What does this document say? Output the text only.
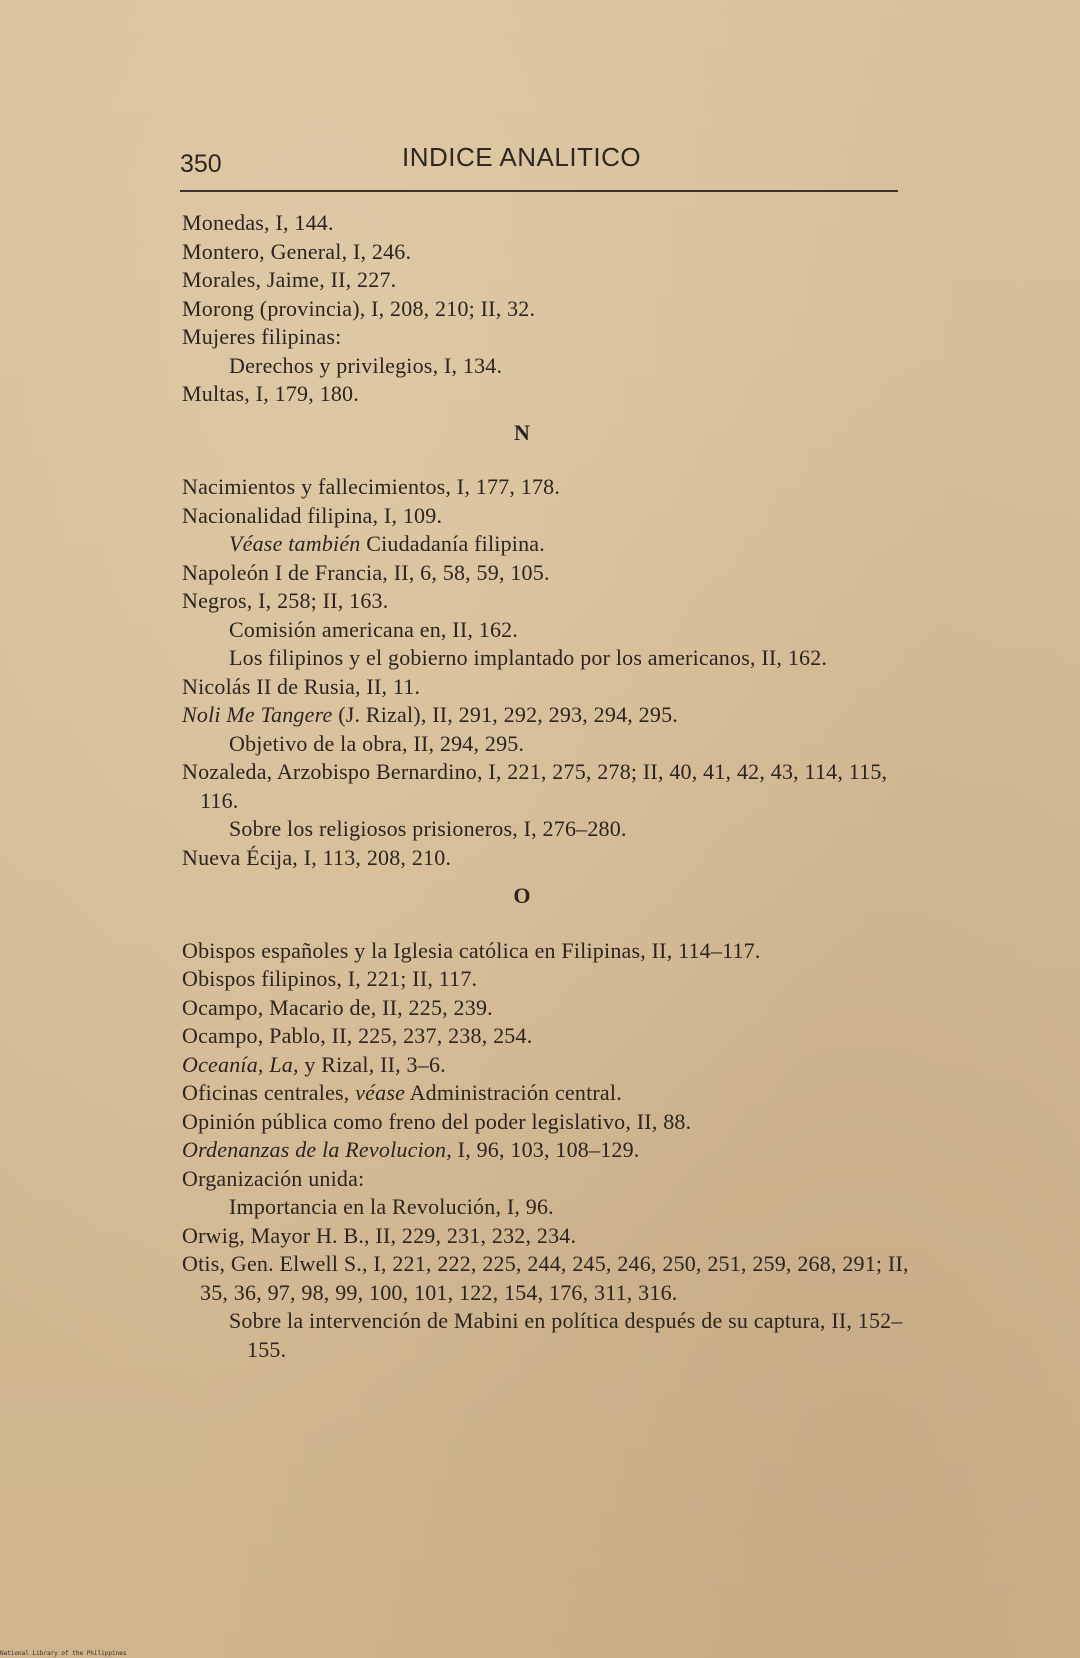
350	INDICE ANALITICO
Monedas, I, 144.
Montero, General, I, 246.
Morales, Jaime, II, 227.
Morong (provincia), I, 208, 210; II, 32.
Mujeres filipinas:
Derechos y privilegios, I, 134.
Multas, I, 179, 180.
N
Nacimientos y fallecimientos, I, 177, 178.
Nacionalidad filipina, I, 109.
Véase también Ciudadanía filipina.
Napoleón I de Francia, II, 6, 58, 59, 105.
Negros, I, 258; II, 163.
Comisión americana en, II, 162.
Los filipinos y el gobierno implantado por los americanos, II, 162.
Nicolás II de Rusia, II, 11.
Noli Me Tangere (J. Rizal), II, 291, 292, 293, 294, 295.
Objetivo de la obra, II, 294, 295.
Nozaleda, Arzobispo Bernardino, I, 221, 275, 278; II, 40, 41, 42, 43, 114, 115, 116.
Sobre los religiosos prisioneros, I, 276–280.
Nueva Écija, I, 113, 208, 210.
O
Obispos españoles y la Iglesia católica en Filipinas, II, 114–117.
Obispos filipinos, I, 221; II, 117.
Ocampo, Macario de, II, 225, 239.
Ocampo, Pablo, II, 225, 237, 238, 254.
Oceanía, La, y Rizal, II, 3–6.
Oficinas centrales, véase Administración central.
Opinión pública como freno del poder legislativo, II, 88.
Ordenanzas de la Revolucion, I, 96, 103, 108–129.
Organización unida:
Importancia en la Revolución, I, 96.
Orwig, Mayor H. B., II, 229, 231, 232, 234.
Otis, Gen. Elwell S., I, 221, 222, 225, 244, 245, 246, 250, 251, 259, 268, 291; II, 35, 36, 97, 98, 99, 100, 101, 122, 154, 176, 311, 316.
Sobre la intervención de Mabini en política después de su captura, II, 152–155.
National Library of the Philippines
